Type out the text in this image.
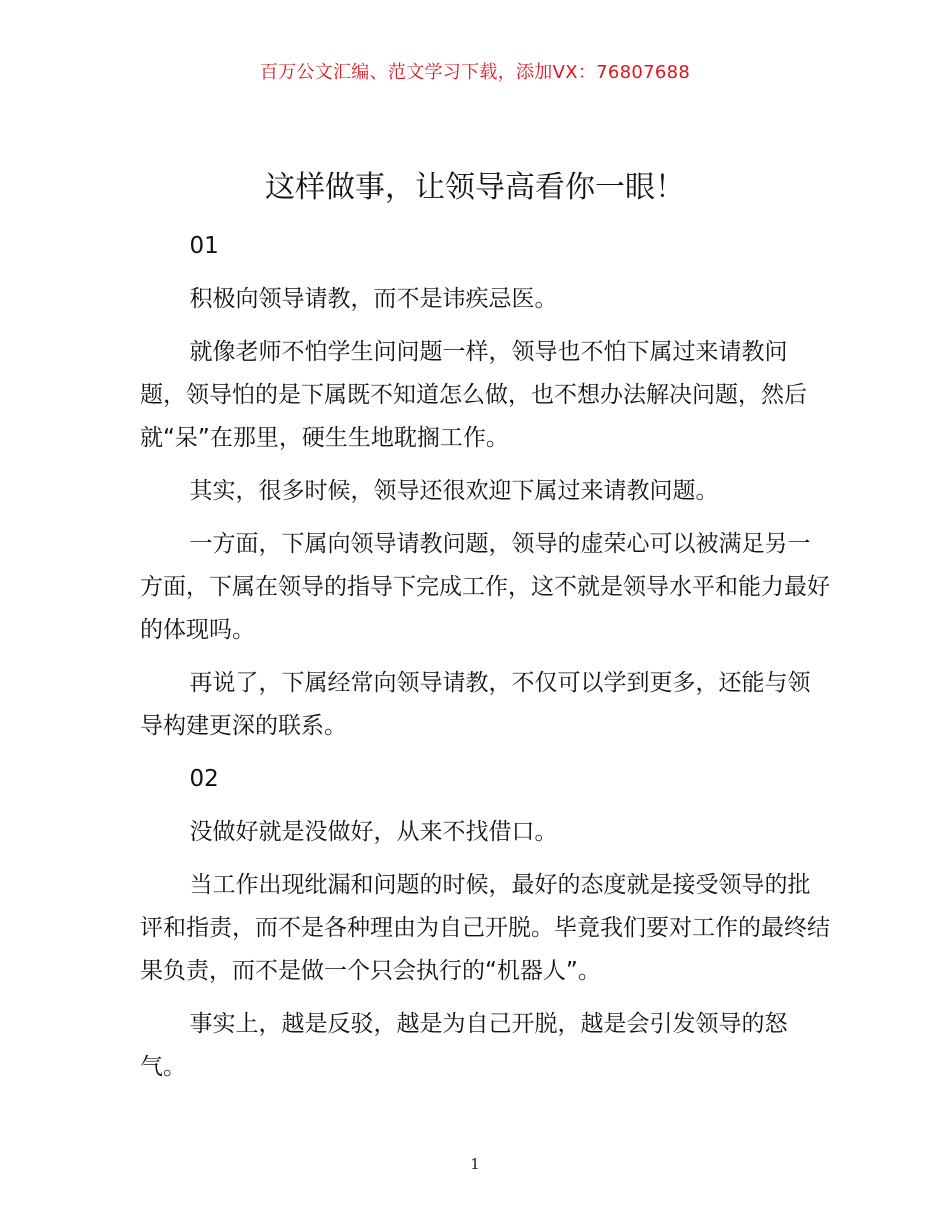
百万公文汇编、范文学习下载，添加VX：76807688
这样做事，让领导高看你一眼！

01

积极向领导请教，而不是讳疾忌医。

就像老师不怕学生问问题一样，领导也不怕下属过来请教问题，领导怕的是下属既不知道怎么做，也不想办法解决问题，然后就“呆”在那里，硬生生地耽搁工作。

其实，很多时候，领导还很欢迎下属过来请教问题。

一方面，下属向领导请教问题，领导的虚荣心可以被满足另一方面，下属在领导的指导下完成工作，这不就是领导水平和能力最好的体现吗。

再说了，下属经常向领导请教，不仅可以学到更多，还能与领导构建更深的联系。

02

没做好就是没做好，从来不找借口。

当工作出现纰漏和问题的时候，最好的态度就是接受领导的批评和指责，而不是各种理由为自己开脱。毕竟我们要对工作的最终结果负责，而不是做一个只会执行的“机器人”。

事实上，越是反驳，越是为自己开脱，越是会引发领导的怒气。

1
